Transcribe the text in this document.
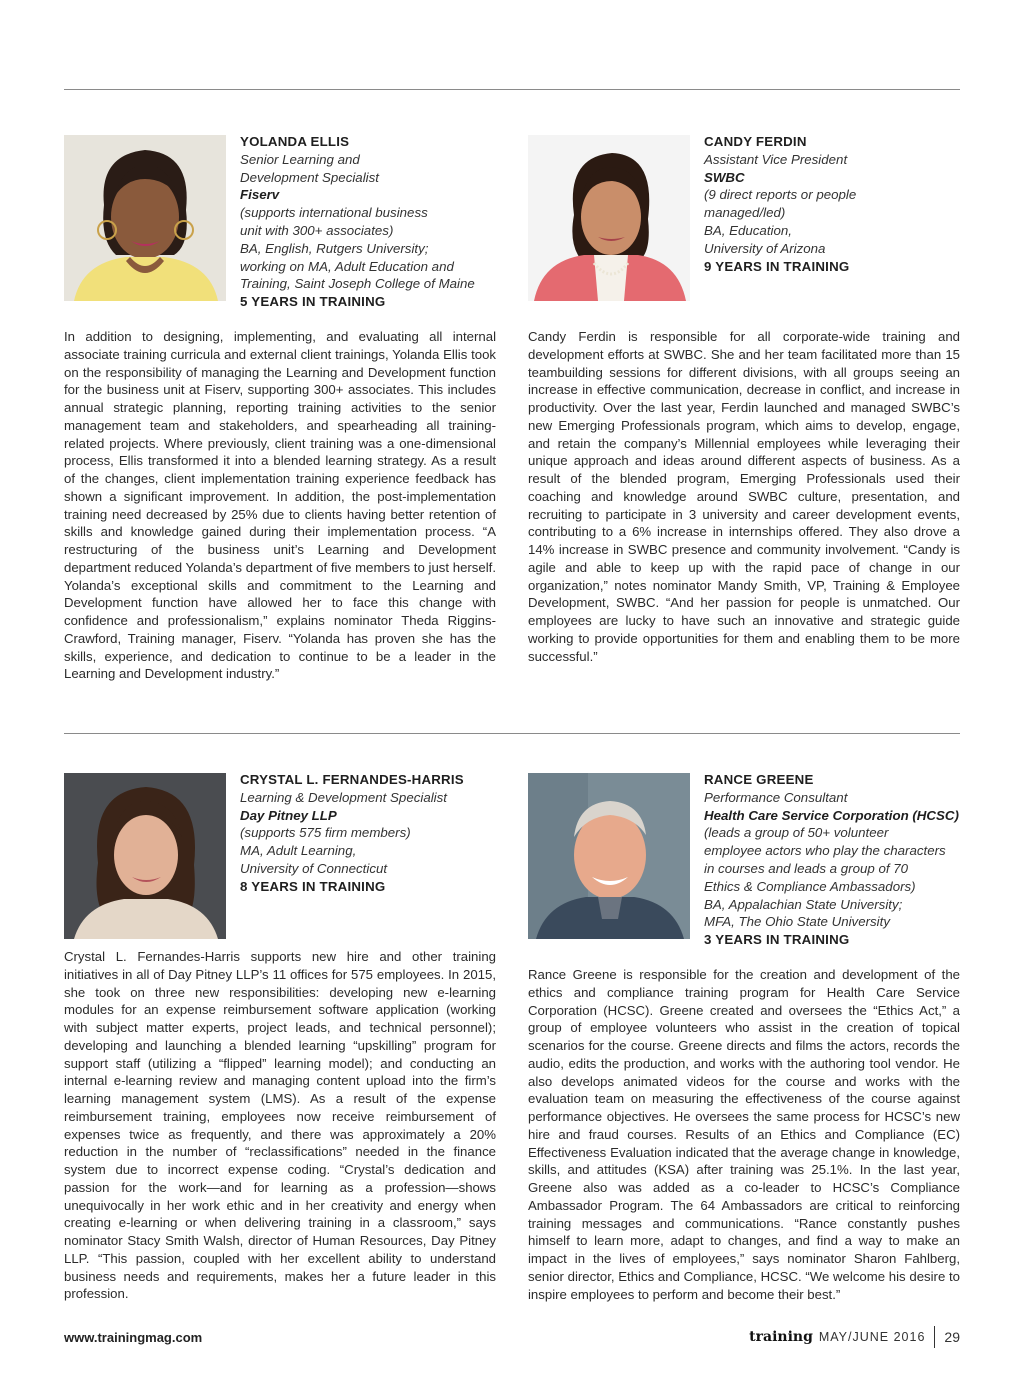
YOLANDA ELLIS
Senior Learning and
Development Specialist
Fiserv
(supports international business
unit with 300+ associates)
BA, English, Rutgers University;
working on MA, Adult Education and
Training, Saint Joseph College of Maine
5 YEARS IN TRAINING

In addition to designing, implementing, and evaluating all internal associate training curricula and external client trainings, Yolanda Ellis took on the responsibility of managing the Learning and Development function for the business unit at Fiserv, supporting 300+ associates. This includes annual strategic planning, reporting training activities to the senior management team and stakeholders, and spearheading all training-related projects. Where previously, client training was a one-dimensional process, Ellis transformed it into a blended learning strategy. As a result of the changes, client implementation training experience feedback has shown a significant improvement. In addition, the post-implementation training need decreased by 25% due to clients having better retention of skills and knowledge gained during their implementation process. “A restructuring of the business unit’s Learning and Development department reduced Yolanda’s department of five members to just herself. Yolanda’s exceptional skills and commitment to the Learning and Development function have allowed her to face this change with confidence and professionalism,” explains nominator Theda Riggins-Crawford, Training manager, Fiserv. “Yolanda has proven she has the skills, experience, and dedication to continue to be a leader in the Learning and Development industry.”

CANDY FERDIN
Assistant Vice President
SWBC
(9 direct reports or people
managed/led)
BA, Education,
University of Arizona
9 YEARS IN TRAINING

Candy Ferdin is responsible for all corporate-wide training and development efforts at SWBC. She and her team facilitated more than 15 teambuilding sessions for different divisions, with all groups seeing an increase in effective communication, decrease in conflict, and increase in productivity. Over the last year, Ferdin launched and managed SWBC’s new Emerging Professionals program, which aims to develop, engage, and retain the company’s Millennial employees while leveraging their unique approach and ideas around different aspects of business. As a result of the blended program, Emerging Professionals used their coaching and knowledge around SWBC culture, presentation, and recruiting to participate in 3 university and career development events, contributing to a 6% increase in internships offered. They also drove a 14% increase in SWBC presence and community involvement. “Candy is agile and able to keep up with the rapid pace of change in our organization,” notes nominator Mandy Smith, VP, Training & Employee Development, SWBC. “And her passion for people is unmatched. Our employees are lucky to have such an innovative and strategic guide working to provide opportunities for them and enabling them to be more successful.”

CRYSTAL L. FERNANDES-HARRIS
Learning & Development Specialist
Day Pitney LLP
(supports 575 firm members)
MA, Adult Learning,
University of Connecticut
8 YEARS IN TRAINING

Crystal L. Fernandes-Harris supports new hire and other training initiatives in all of Day Pitney LLP’s 11 offices for 575 employees. In 2015, she took on three new responsibilities: developing new e-learning modules for an expense reimbursement software application (working with subject matter experts, project leads, and technical personnel); developing and launching a blended learning “upskilling” program for support staff (utilizing a “flipped” learning model); and conducting an internal e-learning review and managing content upload into the firm’s learning management system (LMS). As a result of the expense reimbursement training, employees now receive reimbursement of expenses twice as frequently, and there was approximately a 20% reduction in the number of “reclassifications” needed in the finance system due to incorrect expense coding. “Crystal’s dedication and passion for the work—and for learning as a profession—shows unequivocally in her work ethic and in her creativity and energy when creating e-learning or when delivering training in a classroom,” says nominator Stacy Smith Walsh, director of Human Resources, Day Pitney LLP. “This passion, coupled with her excellent ability to understand business needs and requirements, makes her a future leader in this profession.

RANCE GREENE
Performance Consultant
Health Care Service Corporation (HCSC)
(leads a group of 50+ volunteer
employee actors who play the characters
in courses and leads a group of 70
Ethics & Compliance Ambassadors)
BA, Appalachian State University;
MFA, The Ohio State University
3 YEARS IN TRAINING

Rance Greene is responsible for the creation and development of the ethics and compliance training program for Health Care Service Corporation (HCSC). Greene created and oversees the “Ethics Act,” a group of employee volunteers who assist in the creation of topical scenarios for the course. Greene directs and films the actors, records the audio, edits the production, and works with the authoring tool vendor. He also develops animated videos for the course and works with the evaluation team on measuring the effectiveness of the course against performance objectives. He oversees the same process for HCSC’s new hire and fraud courses. Results of an Ethics and Compliance (EC) Effectiveness Evaluation indicated that the average change in knowledge, skills, and attitudes (KSA) after training was 25.1%. In the last year, Greene also was added as a co-leader to HCSC’s Compliance Ambassador Program. The 64 Ambassadors are critical to reinforcing training messages and communications. “Rance constantly pushes himself to learn more, adapt to changes, and find a way to make an impact in the lives of employees,” says nominator Sharon Fahlberg, senior director, Ethics and Compliance, HCSC. “We welcome his desire to inspire employees to perform and become their best.”

www.trainingmag.com	training MAY/JUNE 2016 29
